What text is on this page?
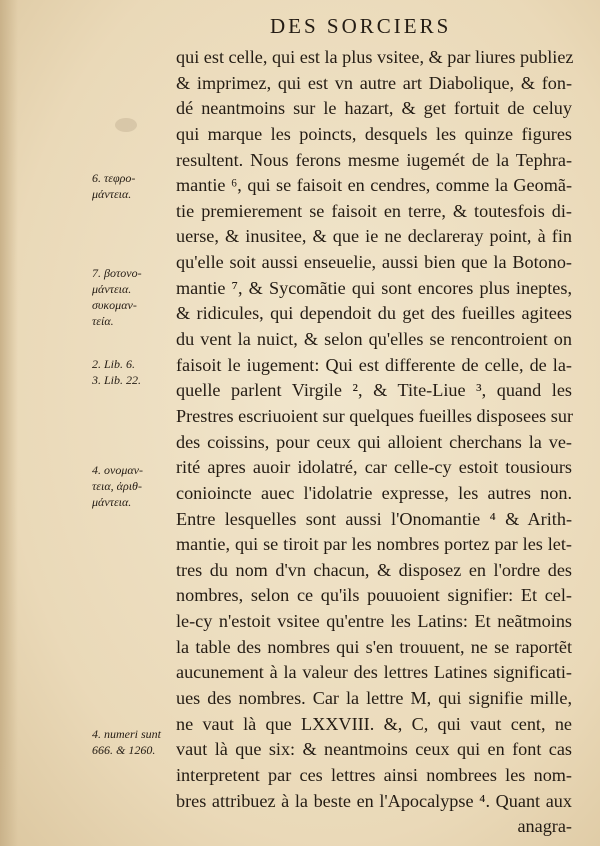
DES SORCIERS
qui est celle, qui est la plus vsitee, & par liures publiez
& imprimez, qui est vn autre art Diabolique, & fon-
dé neantmoins sur le hazart, & get fortuit de celuy
qui marque les poincts, desquels les quinze figures
resultent. Nous ferons mesme iugemét de la Tephra-
mantie ⁶, qui se faisoit en cendres, comme la Geomã-
tie premierement se faisoit en terre, & toutesfois di-
uerse, & inusitee, & que ie ne declareray point, à fin
qu'elle soit aussi enseuelie, aussi bien que la Botono-
mantie ⁷, & Sycomãtie qui sont encores plus ineptes,
& ridicules, qui dependoit du get des fueilles agitees
du vent la nuict, & selon qu'elles se rencontroient on
faisoit le iugement: Qui est differente de celle, de la-
quelle parlent Virgile ², & Tite-Liue ³, quand les
Prestres escriuoient sur quelques fueilles disposees sur
des coissins, pour ceux qui alloient cherchans la ve-
rité apres auoir idolatré, car celle-cy estoit tousiours
conioincte auec l'idolatrie expresse, les autres non.
Entre lesquelles sont aussi l'Onomantie ⁴ & Arith-
mantie, qui se tiroit par les nombres portez par les let-
tres du nom d'vn chacun, & disposez en l'ordre des
nombres, selon ce qu'ils pouuoient signifier: Et cel-
le-cy n'estoit vsitee qu'entre les Latins: Et neãtmoins
la table des nombres qui s'en trouuent, ne se raportẽt
aucunement à la valeur des lettres Latines significati-
ues des nombres. Car la lettre M, qui signifie mille,
ne vaut là que LXXVIII. &, C, qui vaut cent, ne
vaut là que six: & neantmoins ceux qui en font cas
interpretent par ces lettres ainsi nombrees les nom-
bres attribuez à la beste en l'Apocalypse ⁴. Quant aux
anagra-
6. τεφρο-
μάντεια.
7. βοτονο-
μάντεια.
συκομαν-
τεία.
2. Lib. 6.
3. Lib. 22.
4. ονομαν-
τεια, ἀριθ-
μάντεια.
4. numeri sunt
666. & 1260.
